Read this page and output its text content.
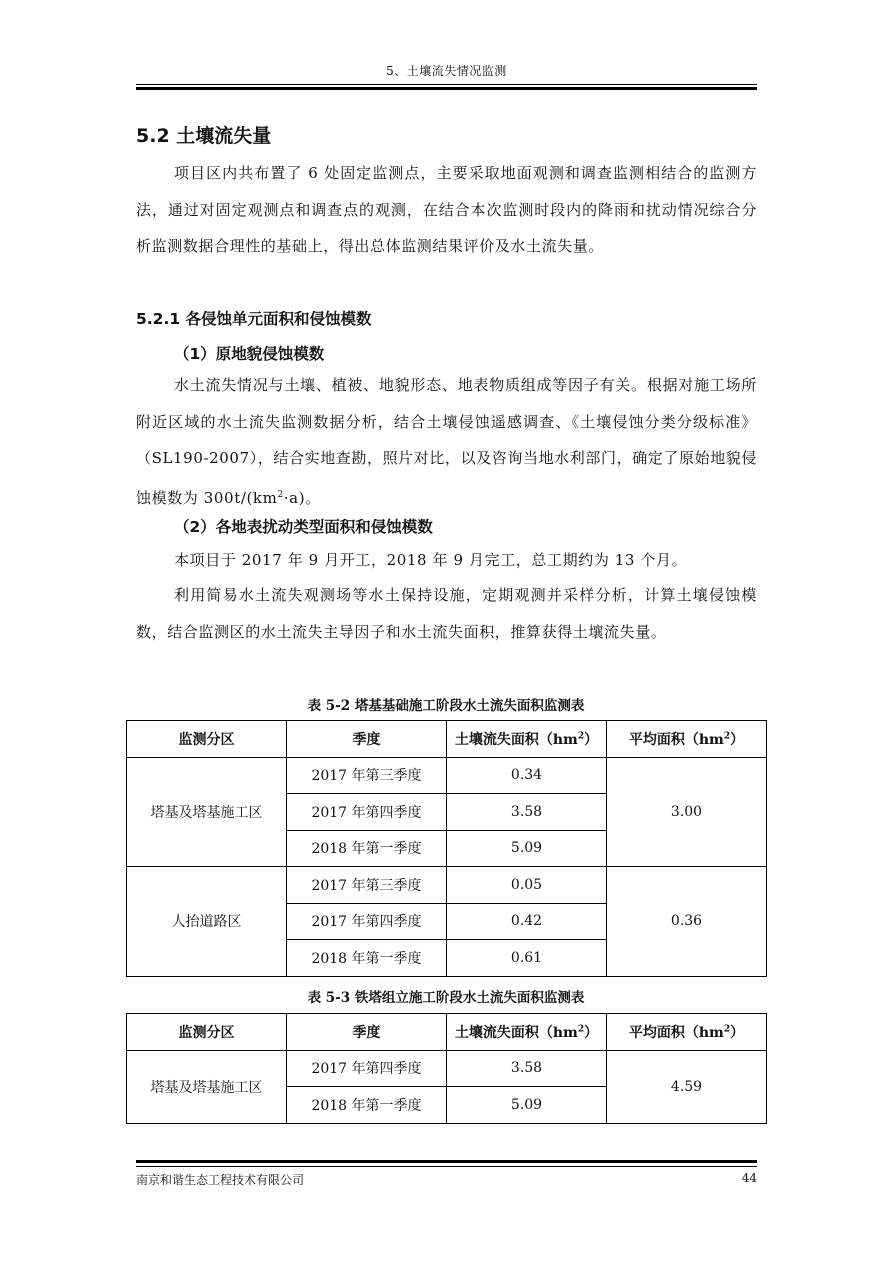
5、土壤流失情况监测
5.2 土壤流失量

项目区内共布置了 6 处固定监测点，主要采取地面观测和调查监测相结合的监测方法，通过对固定观测点和调查点的观测，在结合本次监测时段内的降雨和扰动情况综合分析监测数据合理性的基础上，得出总体监测结果评价及水土流失量。

5.2.1 各侵蚀单元面积和侵蚀模数
（1）原地貌侵蚀模数

水土流失情况与土壤、植被、地貌形态、地表物质组成等因子有关。根据对施工场所附近区域的水土流失监测数据分析，结合土壤侵蚀遥感调查、《土壤侵蚀分类分级标准》（SL190-2007），结合实地查勘，照片对比，以及咨询当地水利部门，确定了原始地貌侵蚀模数为 $300t/(km^2\cdot a)$。

（2）各地表扰动类型面积和侵蚀模数
本项目于 2017 年 9 月开工，2018 年 9 月完工，总工期约为 13 个月。

利用简易水土流失观测场等水土保持设施，定期观测并采样分析，计算土壤侵蚀模数，结合监测区的水土流失主导因子和水土流失面积，推算获得土壤流失量。

表 5-2 塔基基础施工阶段水土流失面积监测表
监测分区	季度	土壤流失面积$(hm^2)$	平均面积$(hm^2)$
塔基及塔基施工区	2017 年第三季度	0.34	3.00
	2017 年第四季度	3.58	
	2018 年第一季度	5.09	
人抬道路区	2017 年第三季度	0.05	0.36
	2017 年第四季度	0.42	
	2018 年第一季度	0.61	
表 5-3 铁塔组立施工阶段水土流失面积监测表
监测分区	季度	土壤流失面积$(hm^2)$	平均面积$(hm^2)$
塔基及塔基施工区	2017 年第四季度	3.58	4.59
	2018 年第一季度	5.09	
南京和谐生态工程技术有限公司	44
